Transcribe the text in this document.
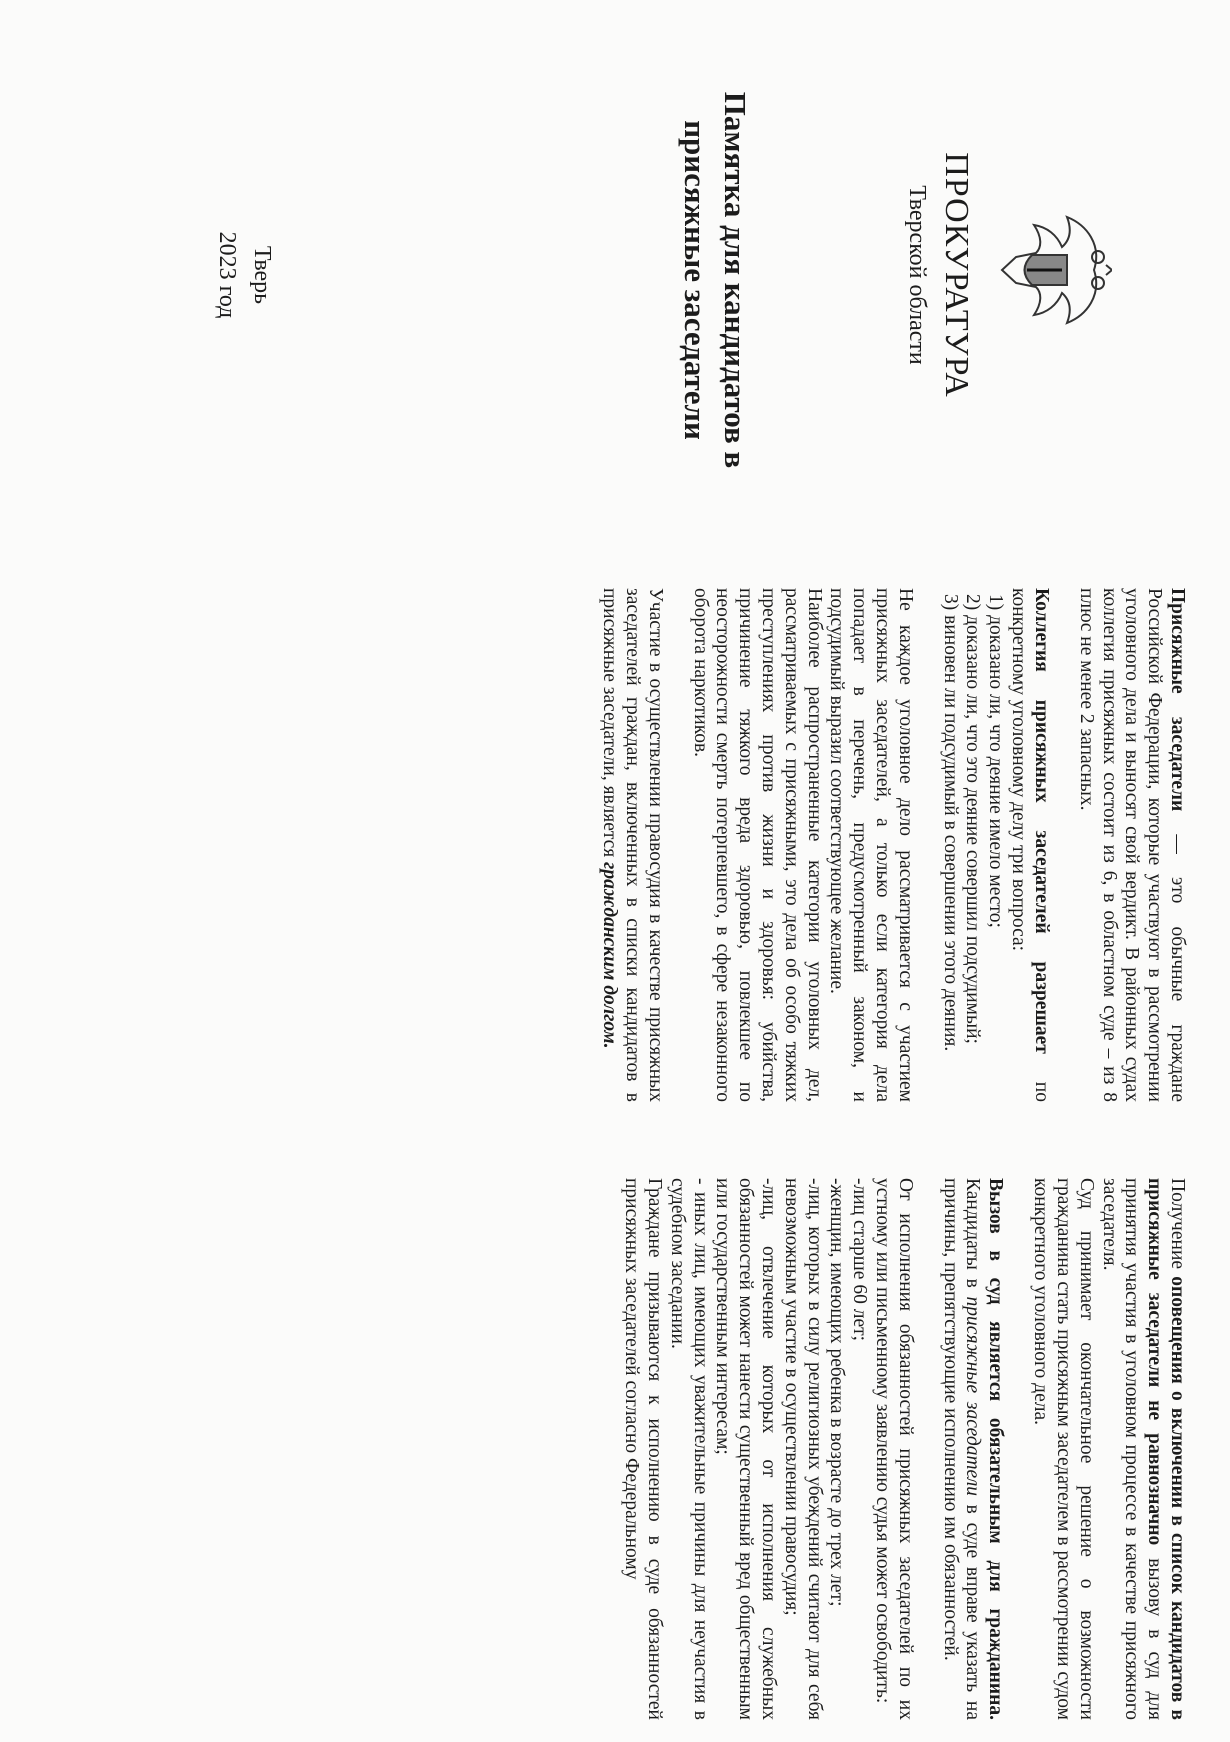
ПРОКУРАТУРА
Тверской области
Памятка для кандидатов в присяжные заседатели
Тверь
2023 год

Присяжные заседатели — это обычные граждане Российской Федерации, которые участвуют в рассмотрении уголовного дела и выносят свой вердикт. В районных судах коллегия присяжных состоит из 6, в областном суде – из 8 плюс не менее 2 запасных.

Коллегия присяжных заседателей разрешает по конкретному уголовному делу три вопроса:

1) доказано ли, что деяние имело место;

2) доказано ли, что это деяние совершил подсудимый;

3) виновен ли подсудимый в совершении этого деяния.

Не каждое уголовное дело рассматривается с участием присяжных заседателей, а только если категория дела попадает в перечень, предусмотренный законом, и подсудимый выразил соответствующее желание.

Наиболее распространенные категории уголовных дел, рассматриваемых с присяжными, это дела об особо тяжких преступлениях против жизни и здоровья: убийства, причинение тяжкого вреда здоровью, повлекшее по неосторожности смерть потерпевшего, в сфере незаконного оборота наркотиков.

Участие в осуществлении правосудия в качестве присяжных заседателей граждан, включенных в списки кандидатов в присяжные заседатели, является гражданским долгом.

Получение оповещения о включении в список кандидатов в присяжные заседатели не равнозначно вызову в суд для принятия участия в уголовном процессе в качестве присяжного заседателя.

Суд принимает окончательное решение о возможности гражданина стать присяжным заседателем в рассмотрении судом конкретного уголовного дела.

Вызов в суд является обязательным для гражданина. Кандидаты в присяжные заседатели в суде вправе указать на причины, препятствующие исполнению им обязанностей.

От исполнения обязанностей присяжных заседателей по их устному или письменному заявлению судья может освободить:

-лиц старше 60 лет;

-женщин, имеющих ребенка в возрасте до трех лет;

-лиц, которых в силу религиозных убеждений считают для себя невозможным участие в осуществлении правосудия;

-лиц, отвлечение которых от исполнения служебных обязанностей может нанести существенный вред общественным или государственным интересам;

- иных лиц, имеющих уважительные причины для неучастия в судебном заседании.

Граждане призываются к исполнению в суде обязанностей присяжных заседателей согласно Федеральному
